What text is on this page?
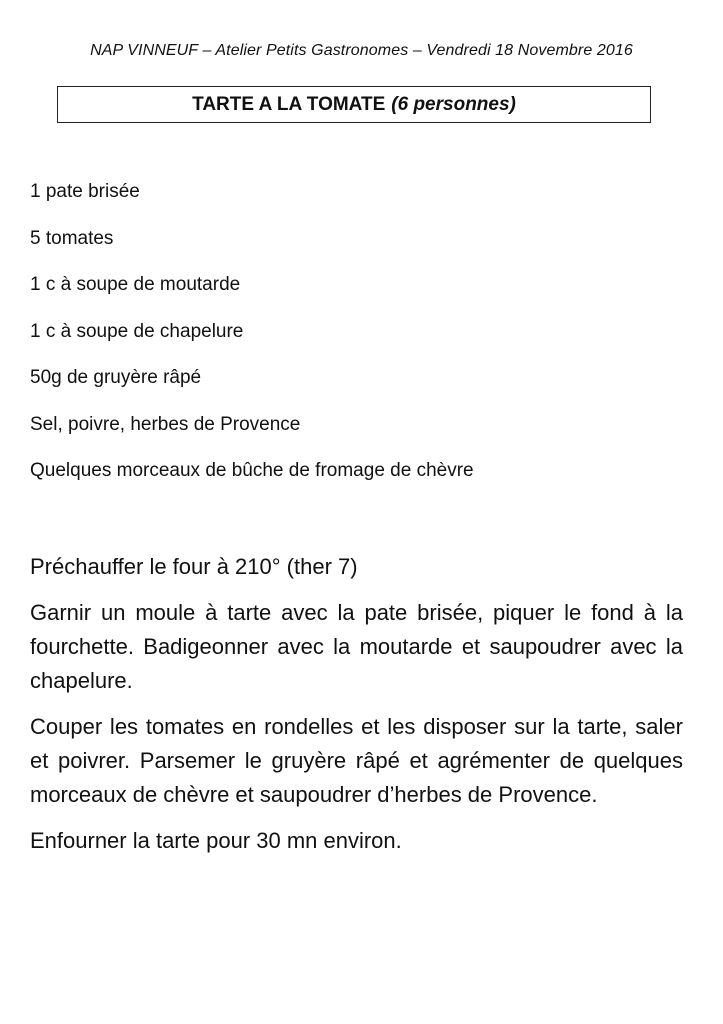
NAP VINNEUF – Atelier Petits Gastronomes – Vendredi 18 Novembre 2016
TARTE A LA TOMATE (6 personnes)
1 pate brisée
5 tomates
1 c à soupe de moutarde
1 c à soupe de chapelure
50g de gruyère râpé
Sel, poivre, herbes de Provence
Quelques morceaux de bûche de fromage de chèvre

Préchauffer le four à 210° (ther 7)

Garnir un moule à tarte avec la pate brisée, piquer le fond à la fourchette. Badigeonner avec la moutarde et saupoudrer avec la chapelure.

Couper les tomates en rondelles et les disposer sur la tarte, saler et poivrer. Parsemer le gruyère râpé et agrémenter de quelques morceaux de chèvre et saupoudrer d’herbes de Provence.

Enfourner la tarte pour 30 mn environ.
